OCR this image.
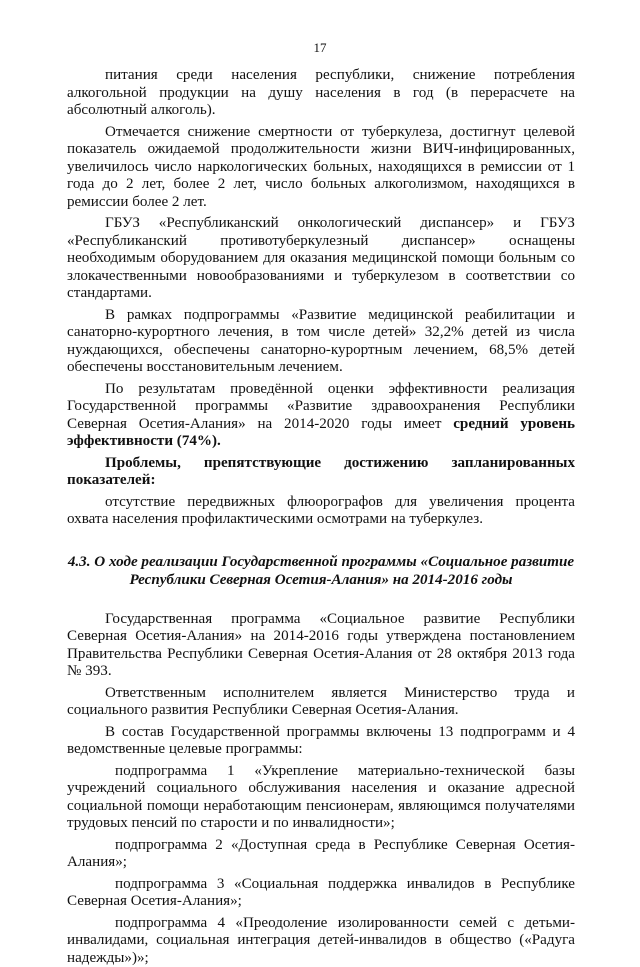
17

питания среди населения республики, снижение потребления алкогольной продукции на душу населения в год (в перерасчете на абсолютный алкоголь).

Отмечается снижение смертности от туберкулеза, достигнут целевой показатель ожидаемой продолжительности жизни ВИЧ-инфицированных, увеличилось число наркологических больных, находящихся в ремиссии от 1 года до 2 лет, более 2 лет, число больных алкоголизмом, находящихся в ремиссии более 2 лет.

ГБУЗ «Республиканский онкологический диспансер» и ГБУЗ «Республиканский противотуберкулезный диспансер» оснащены необходимым оборудованием для оказания медицинской помощи больным со злокачественными новообразованиями и туберкулезом в соответствии со стандартами.

В рамках подпрограммы «Развитие медицинской реабилитации и санаторно-курортного лечения, в том числе детей» 32,2% детей из числа нуждающихся, обеспечены санаторно-курортным лечением, 68,5% детей обеспечены восстановительным лечением.

По результатам проведённой оценки эффективности реализация Государственной программы «Развитие здравоохранения Республики Северная Осетия-Алания» на 2014-2020 годы имеет средний уровень эффективности (74%).

Проблемы, препятствующие достижению запланированных показателей:

отсутствие передвижных флюорографов для увеличения процента охвата населения профилактическими осмотрами на туберкулез.

4.3. О ходе реализации Государственной программы «Социальное развитие Республики Северная Осетия-Алания» на 2014-2016 годы

Государственная программа «Социальное развитие Республики Северная Осетия-Алания» на 2014-2016 годы утверждена постановлением Правительства Республики Северная Осетия-Алания от 28 октября 2013 года № 393.

Ответственным исполнителем является Министерство труда и социального развития Республики Северная Осетия-Алания.

В состав Государственной программы включены 13 подпрограмм и 4 ведомственные целевые программы:

подпрограмма 1 «Укрепление материально-технической базы учреждений социального обслуживания населения и оказание адресной социальной помощи неработающим пенсионерам, являющимся получателями трудовых пенсий по старости и по инвалидности»;

подпрограмма 2 «Доступная среда в Республике Северная Осетия-Алания»;

подпрограмма 3 «Социальная поддержка инвалидов в Республике Северная Осетия-Алания»;

подпрограмма 4 «Преодоление изолированности семей с детьми-инвалидами, социальная интеграция детей-инвалидов в общество («Радуга надежды»)»;
